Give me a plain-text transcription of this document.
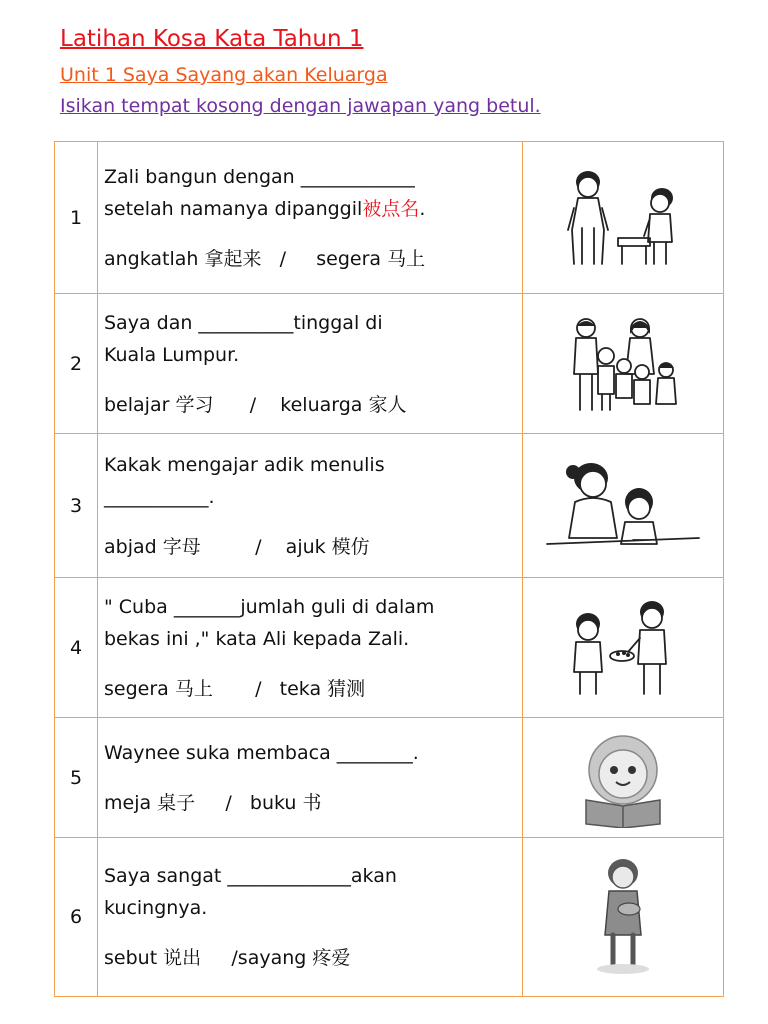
Latihan Kosa Kata Tahun 1
Unit 1 Saya Sayang akan Keluarga
Isikan tempat kosong dengan jawapan yang betul.
1	Zali bangun dengan ____________
setelah namanya dipanggil被点名.
angkatlah 拿起来 / segera 马上

2	Saya dan __________tinggal di
Kuala Lumpur.
belajar 学习 / keluarga 家人

3	Kakak mengajar adik menulis
___________.
abjad 字母 / ajuk 模仿

4	" Cuba _______jumlah guli di dalam
bekas ini ," kata Ali kepada Zali.
segera 马上 / teka 猜测

5	Waynee suka membaca ________.
meja 桌子 / buku 书

6	Saya sangat _____________akan
kucingnya.
sebut 说出 /sayang 疼爱
